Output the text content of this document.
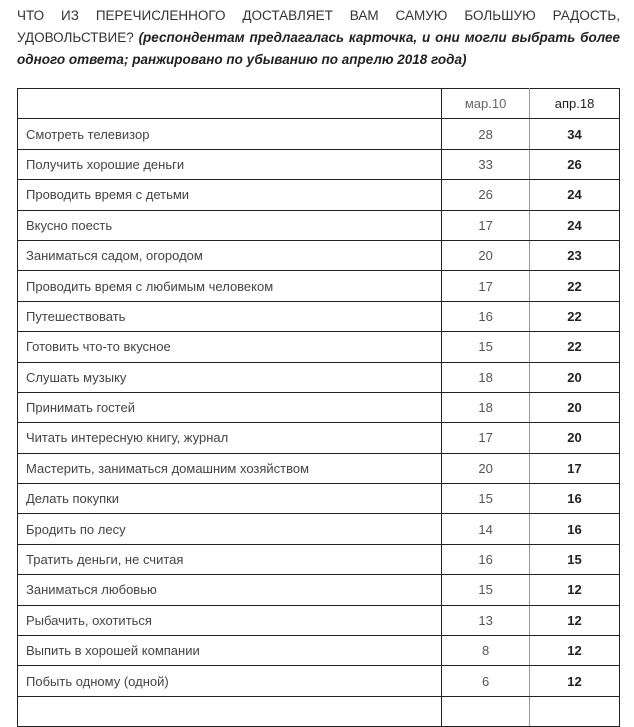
ЧТО ИЗ ПЕРЕЧИСЛЕННОГО ДОСТАВЛЯЕТ ВАМ САМУЮ БОЛЬШУЮ РАДОСТЬ, УДОВОЛЬСТВИЕ? (респондентам предлагалась карточка, и они могли выбрать более одного ответа; ранжировано по убыванию по апрелю 2018 года)

	мар.10	апр.18
Смотреть телевизор	28	34
Получить хорошие деньги	33	26
Проводить время с детьми	26	24
Вкусно поесть	17	24
Заниматься садом, огородом	20	23
Проводить время с любимым человеком	17	22
Путешествовать	16	22
Готовить что-то вкусное	15	22
Слушать музыку	18	20
Принимать гостей	18	20
Читать интересную книгу, журнал	17	20
Мастерить, заниматься домашним хозяйством	20	17
Делать покупки	15	16
Бродить по лесу	14	16
Тратить деньги, не считая	16	15
Заниматься любовью	15	12
Рыбачить, охотиться	13	12
Выпить в хорошей компании	8	12
Побыть одному (одной)	6	12
